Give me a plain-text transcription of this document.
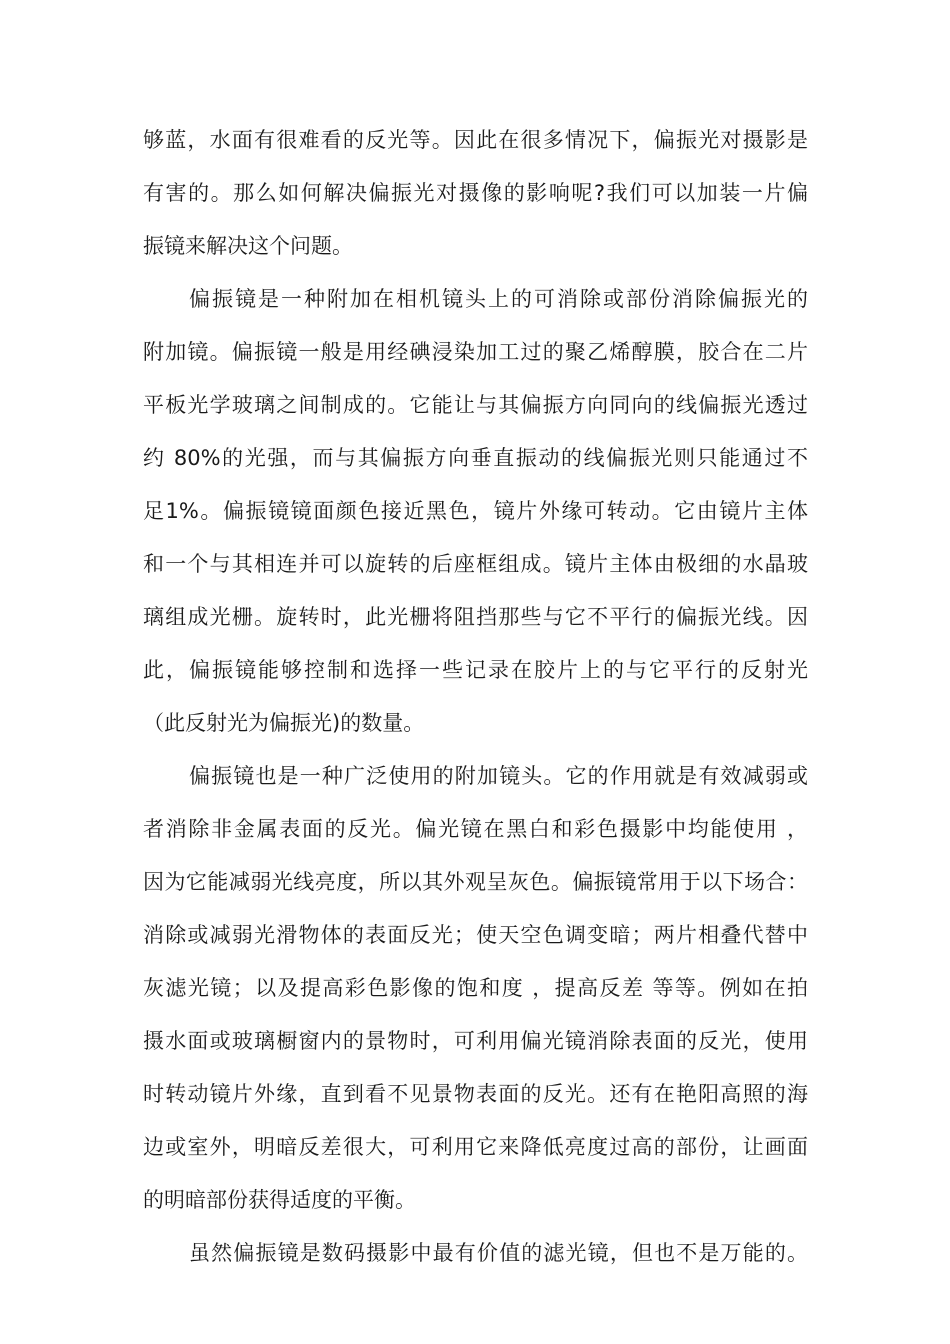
够蓝，水面有很难看的反光等。因此在很多情况下，偏振光对摄影是
有害的。那么如何解决偏振光对摄像的影响呢?我们可以加装一片偏
振镜来解决这个问题。
偏振镜是一种附加在相机镜头上的可消除或部份消除偏振光的
附加镜。偏振镜一般是用经碘浸染加工过的聚乙烯醇膜，胶合在二片
平板光学玻璃之间制成的。它能让与其偏振方向同向的线偏振光透过
约 80%的光强，而与其偏振方向垂直振动的线偏振光则只能通过不
足1%。偏振镜镜面颜色接近黑色，镜片外缘可转动。它由镜片主体
和一个与其相连并可以旋转的后座框组成。镜片主体由极细的水晶玻
璃组成光栅。旋转时，此光栅将阻挡那些与它不平行的偏振光线。因
此，偏振镜能够控制和选择一些记录在胶片上的与它平行的反射光
（此反射光为偏振光)的数量。
偏振镜也是一种广泛使用的附加镜头。它的作用就是有效减弱或
者消除非金属表面的反光。偏光镜在黑白和彩色摄影中均能使用 ，
因为它能减弱光线亮度，所以其外观呈灰色。偏振镜常用于以下场合：
消除或减弱光滑物体的表面反光；使天空色调变暗；两片相叠代替中
灰滤光镜；以及提高彩色影像的饱和度 ，提高反差 等等。例如在拍
摄水面或玻璃橱窗内的景物时，可利用偏光镜消除表面的反光，使用
时转动镜片外缘，直到看不见景物表面的反光。还有在艳阳高照的海
边或室外，明暗反差很大，可利用它来降低亮度过高的部份，让画面
的明暗部份获得适度的平衡。
虽然偏振镜是数码摄影中最有价值的滤光镜，但也不是万能的。
